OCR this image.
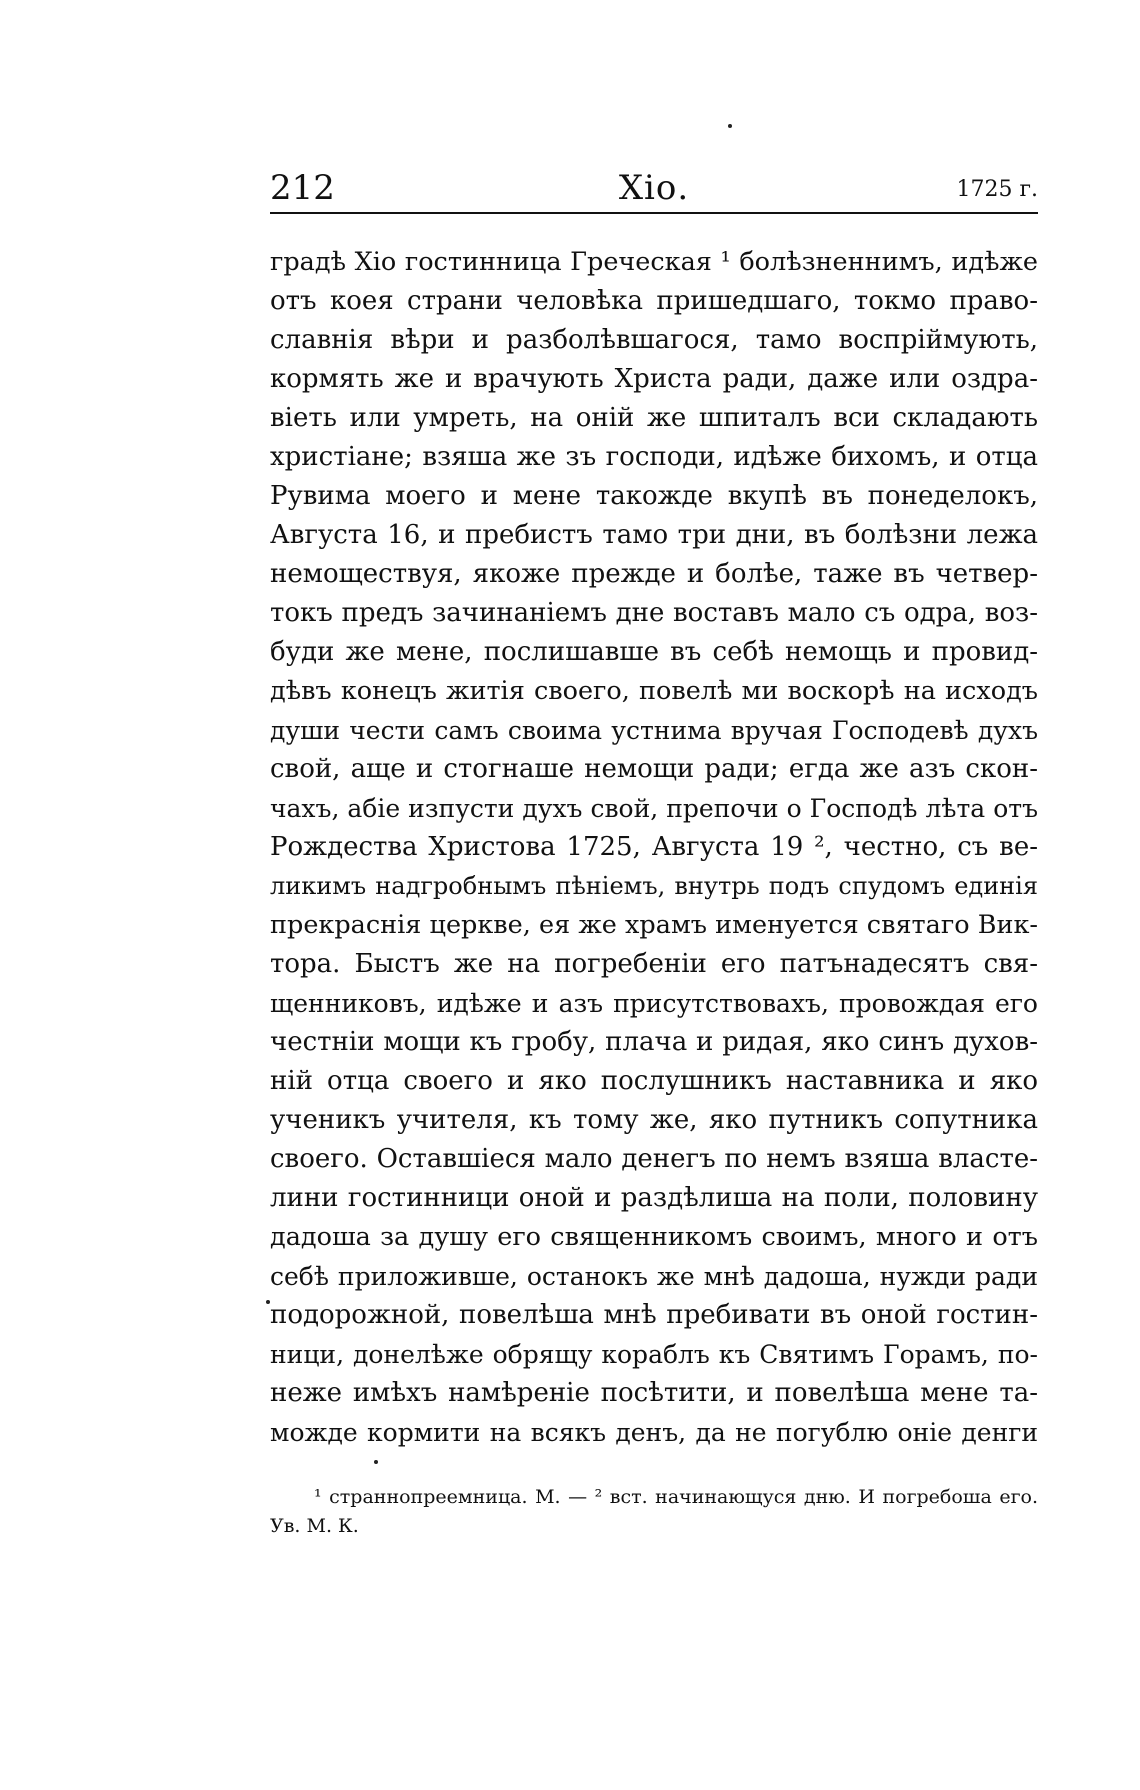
212	Хіо.	1725 г.
градѣ Хіо гостинница Греческая ¹ болѣзненнимъ, идѣже
отъ коея страни человѣка пришедшаго, токмо право-
славнія вѣри и разболѣвшагося, тамо воспріймують,
кормять же и врачують Христа ради, даже или оздра-
віеть или умреть, на оній же шпиталъ вси складають
христіане; взяша же зъ господи, идѣже бихомъ, и отца
Рувима моего и мене такожде вкупѣ въ понеделокъ,
Августа 16, и пребистъ тамо три дни, въ болѣзни лежа
немоществуя, якоже прежде и болѣе, таже въ четвер-
токъ предъ зачинаніемъ дне воставъ мало съ одра, воз-
буди же мене, послишавше въ себѣ немощь и провид-
дѣвъ конецъ житія своего, повелѣ ми воскорѣ на исходъ
души чести самъ своима устнима вручая Господевѣ духъ
свой, аще и стогнаше немощи ради; егда же азъ скон-
чахъ, абіе изпусти духъ свой, препочи о Господѣ лѣта отъ
Рождества Христова 1725, Августа 19 ², честно, съ ве-
ликимъ надгробнымъ пѣніемъ, внутрь подъ спудомъ единія
прекраснія церкве, ея же храмъ именуется святаго Вик-
тора. Быстъ же на погребеніи его патънадесятъ свя-
щенниковъ, идѣже и азъ присутствовахъ, провождая его
честніи мощи къ гробу, плача и ридая, яко синъ духов-
ній отца своего и яко послушникъ наставника и яко
ученикъ учителя, къ тому же, яко путникъ сопутника
своего. Оставшіеся мало денегъ по немъ взяша властe-
лини гостинници оной и раздѣлиша на поли, половину
дадоша за душу его священникомъ своимъ, много и отъ
себѣ приложивше, останокъ же мнѣ дадоша, нужди ради
подорожной, повелѣша мнѣ пребивати въ оной гостин-
ници, донелѣже обрящу кораблъ къ Святимъ Горамъ, по-
неже имѣхъ намѣреніе посѣтити, и повелѣша мене та-
можде кормити на всякъ денъ, да не погублю оніе денги
¹ страннопреемница. М. — ² вст. начинающуся дню. И погребоша его.
Ув. М. К.
